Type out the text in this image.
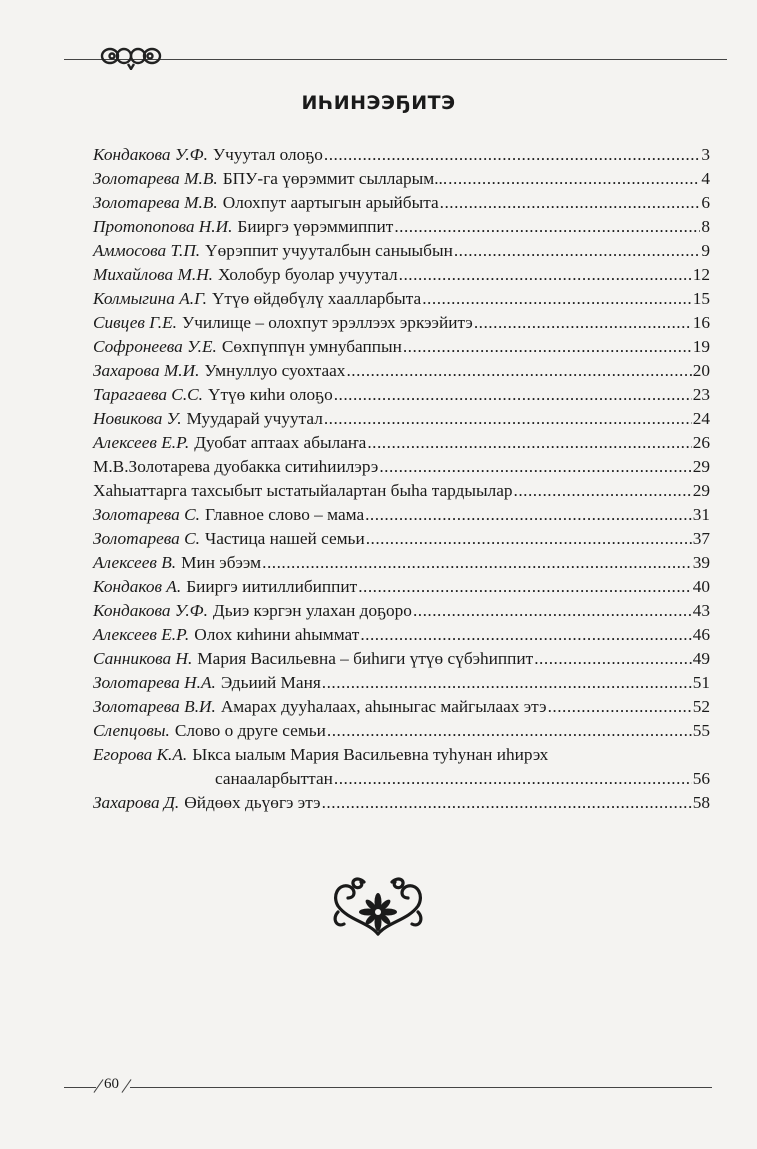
ИҺИНЭЭҔИТЭ
Кондакова У.Ф. Учуутал олоҕо .....	3
Золотарева М.В. БПУ-га үөрэммит сылларым... .....	4
Золотарева М.В. Олохпут аартыгын арыйбыта .....	6
Протопопова Н.И. Бииргэ үөрэммиппит .....	8
Аммосова Т.П. Үөрэппит учууталбын саныыбын .....	9
Михайлова М.Н. Холобур буолар учуутал .....	12
Колмыгина А.Г. Үтүө өйдөбүлү хаалларбыта .....	15
Сивцев Г.Е. Училище – олохпут эрэллээх эркээйитэ .....	16
Софронеева У.Е. Сөхпүппүн умнубаппын .....	19
Захарова М.И. Умнуллуо суохтаах .....	20
Тарагаева С.С. Үтүө киһи олоҕо .....	23
Новикова У. Муударай учуутал .....	24
Алексеев Е.Р. Дуобат аптаах абылаҥа .....	26
М.В.Золотарева дуобакка ситиһиилэрэ .....	29
Хаһыаттарга тахсыбыт ыстатыйалартан быһа тардыылар .....	29
Золотарева С. Главное слово – мама .....	31
Золотарева С. Частица нашей семьи .....	37
Алексеев В. Мин эбээм .....	39
Кондаков А. Бииргэ иитиллибиппит .....	40
Кондакова У.Ф. Дьиэ кэргэн улахан доҕоро .....	43
Алексеев Е.Р. Олох киһини аһыммат .....	46
Санникова Н. Мария Васильевна – биһиги үтүө сүбэһиппит .....	49
Золотарева Н.А. Эдьиий Маня .....	51
Золотарева В.И. Амарах дууһалаах, аһыныгас майгылаах этэ .....	52
Слепцовы. Слово о друге семьи .....	55
Егорова К.А. Ыкса ыалым Мария Васильевна туһунан иһирэх
санааларбыттан .....	56
Захарова Д. Өйдөөх дьүөгэ этэ .....	58
60
